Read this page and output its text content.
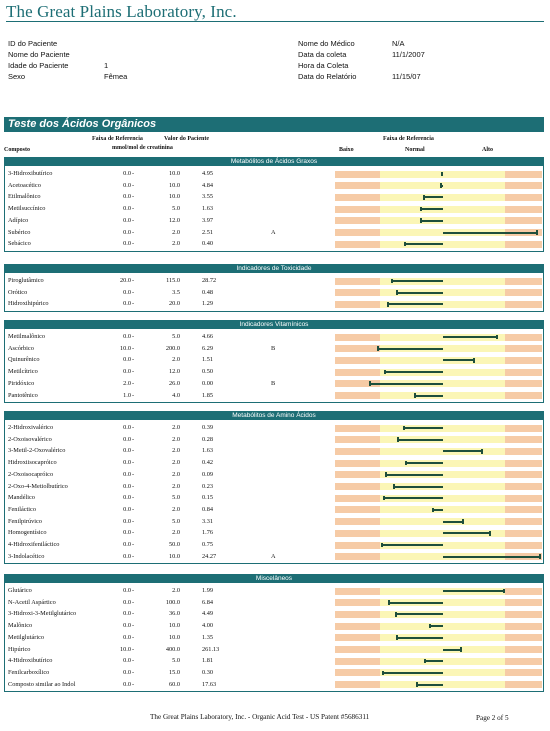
The Great Plains Laboratory, Inc.
ID do Paciente
Nome do Paciente
Idade do Paciente	1
Sexo	Fêmea
Nome do Médico	N/A
Data da coleta	11/1/2007
Hora da Coleta
Data do Relatório	11/15/07
Teste dos Ácidos Orgânicos
Composto
Faixa de Referencia
mmol/mol de creatinina
Valor do Paciente	Faixa de Referencia
Baixo	Normal	Alto
Metabólitos de Ácidos Graxos
3-Hidroxibutírico	0.0 -	10.0	4.95
Acetoacético	0.0 -	10.0	4.84
Etilmalônico	0.0 -	10.0	3.55
Metilsuccínico	0.0 -	5.0	1.63
Adípico	0.0 -	12.0	3.97
Subérico	0.0 -	2.0	2.51	A
Sebácico	0.0 -	2.0	0.40
Indicadores de Toxicidade
Piroglutâmico	20.0 -	115.0	28.72
Orótico	0.0 -	3.5	0.48
Hidroxihipúrico	0.0 -	20.0	1.29
Indicadores Vitamínicos
Metilmalônico	0.0 -	5.0	4.66
Ascórbico	10.0 -	200.0	6.29	B
Quinurênico	0.0 -	2.0	1.51
Metilcítrico	0.0 -	12.0	0.50
Piridóxico	2.0 -	26.0	0.00	B
Pantotênico	1.0 -	4.0	1.85
Metabólitos de Amino Ácidos
2-Hidroxivalérico	0.0 -	2.0	0.39
2-Oxoisovalérico	0.0 -	2.0	0.28
3-Metil-2-Oxovalérico	0.0 -	2.0	1.63
Hidroxiisocapróico	0.0 -	2.0	0.42
2-Oxoisocapróico	0.0 -	2.0	0.09
2-Oxo-4-Metiolbutírico	0.0 -	2.0	0.23
Mandélico	0.0 -	5.0	0.15
Feniláctico	0.0 -	2.0	0.84
Fenilpirúvico	0.0 -	5.0	3.31
Homogentísico	0.0 -	2.0	1.76
4-Hidroxifeniláctico	0.0 -	50.0	0.75
3-Indolacético	0.0 -	10.0	24.27	A
Miscelâneos
Glutárico	0.0 -	2.0	1.99
N-Acetil Aspártico	0.0 -	100.0	6.84
3-Hidroxi-3-Metilglutárico	0.0 -	36.0	4.49
Malônico	0.0 -	10.0	4.00
Metilglutárico	0.0 -	10.0	1.35
Hipúrico	10.0 -	400.0	261.13
4-Hidroxibutírico	0.0 -	5.0	1.81
Fenilcarboxílico	0.0 -	15.0	0.30
Composto similar ao Indol	0.0 -	60.0	17.63
The Great Plains Laboratory, Inc. - Organic Acid Test - US Patent #5686311	Page 2 of 5
